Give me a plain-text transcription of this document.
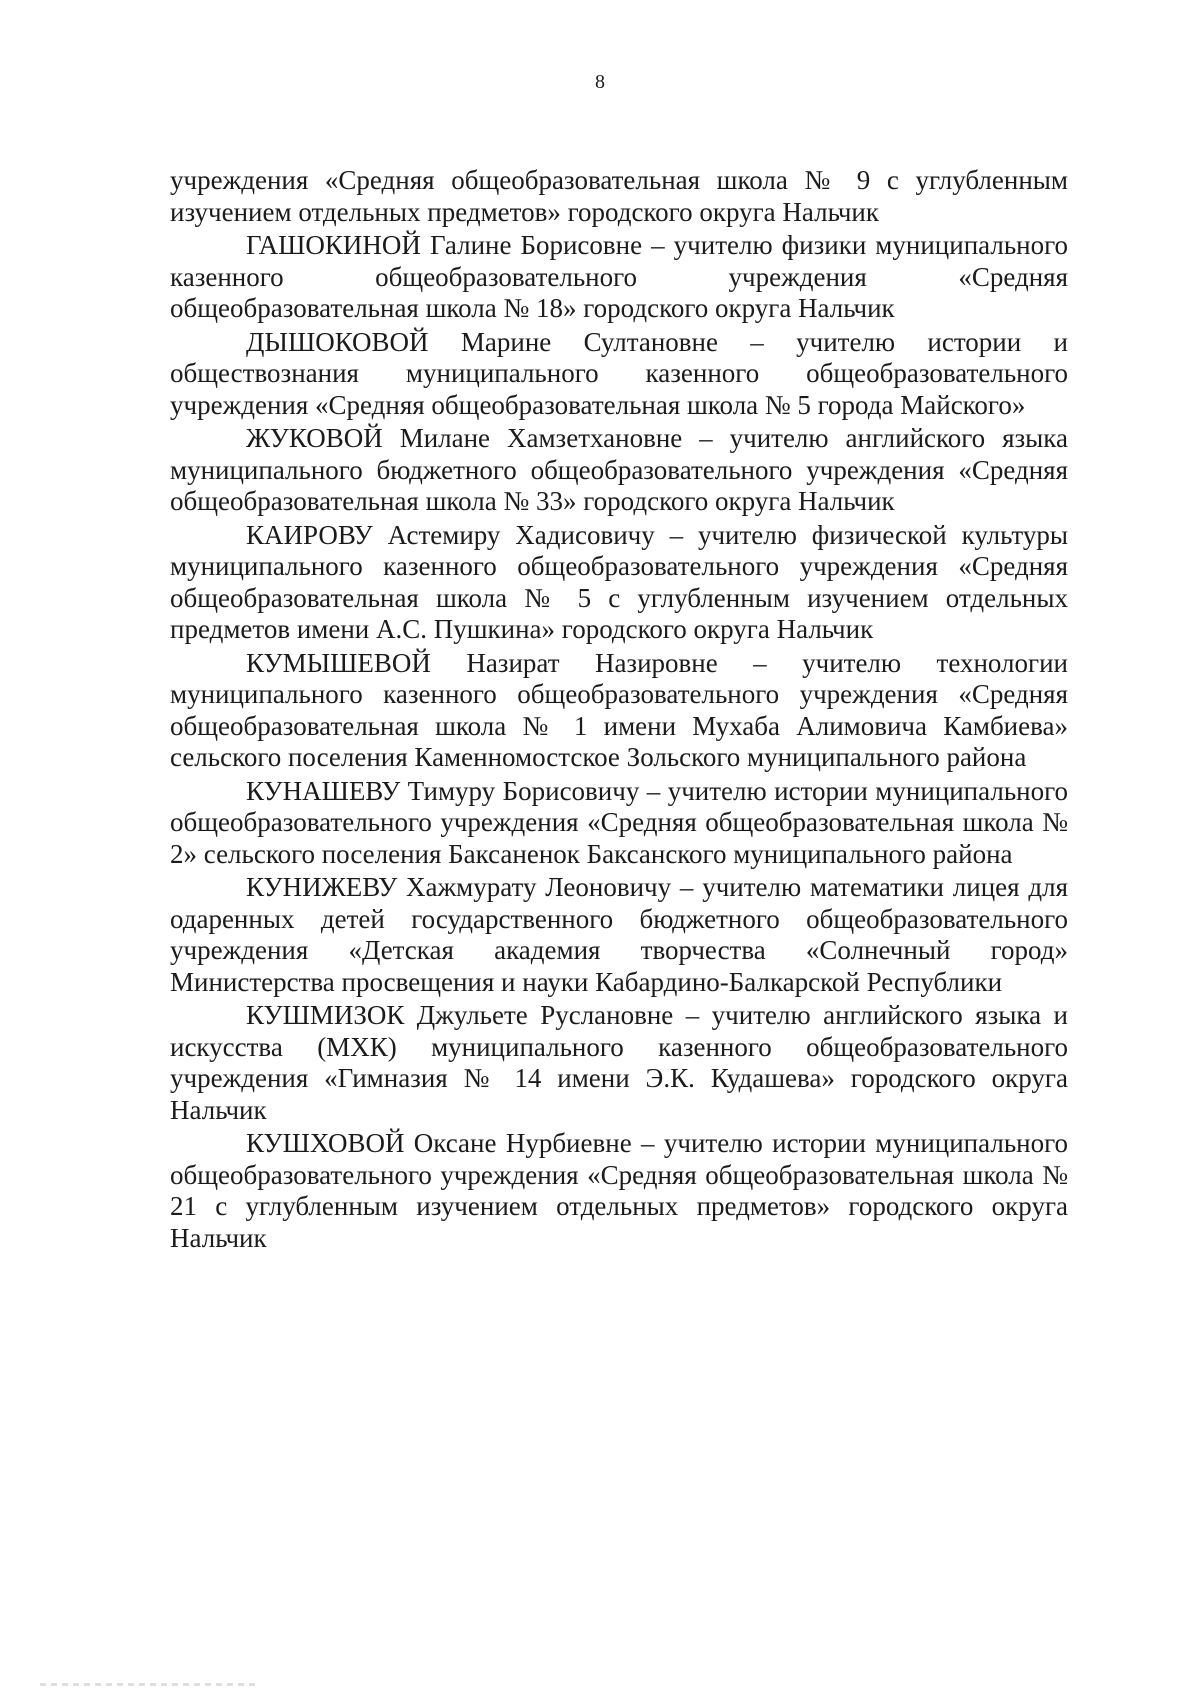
8

учреждения «Средняя общеобразовательная школа № 9 с углубленным изучением отдельных предметов» городского округа Нальчик

ГАШОКИНОЙ Галине Борисовне – учителю физики муниципального казенного общеобразовательного учреждения «Средняя общеобразовательная школа № 18» городского округа Нальчик

ДЫШОКОВОЙ Марине Султановне – учителю истории и обществознания муниципального казенного общеобразовательного учреждения «Средняя общеобразовательная школа № 5 города Майского»

ЖУКОВОЙ Милане Хамзетхановне – учителю английского языка муниципального бюджетного общеобразовательного учреждения «Средняя общеобразовательная школа № 33» городского округа Нальчик

КАИРОВУ Астемиру Хадисовичу – учителю физической культуры муниципального казенного общеобразовательного учреждения «Средняя общеобразовательная школа № 5 с углубленным изучением отдельных предметов имени А.С. Пушкина» городского округа Нальчик

КУМЫШЕВОЙ Назират Назировне – учителю технологии муниципального казенного общеобразовательного учреждения «Средняя общеобразовательная школа № 1 имени Мухаба Алимовича Камбиева» сельского поселения Каменномостское Зольского муниципального района

КУНАШЕВУ Тимуру Борисовичу – учителю истории муниципального общеобразовательного учреждения «Средняя общеобразовательная школа № 2» сельского поселения Баксаненок Баксанского муниципального района

КУНИЖЕВУ Хажмурату Леоновичу – учителю математики лицея для одаренных детей государственного бюджетного общеобразовательного учреждения «Детская академия творчества «Солнечный город» Министерства просвещения и науки Кабардино-Балкарской Республики

КУШМИЗОК Джульете Руслановне – учителю английского языка и искусства (МХК) муниципального казенного общеобразовательного учреждения «Гимназия № 14 имени Э.К. Кудашева» городского округа Нальчик

КУШХОВОЙ Оксане Нурбиевне – учителю истории муниципального общеобразовательного учреждения «Средняя общеобразовательная школа № 21 с углубленным изучением отдельных предметов» городского округа Нальчик
